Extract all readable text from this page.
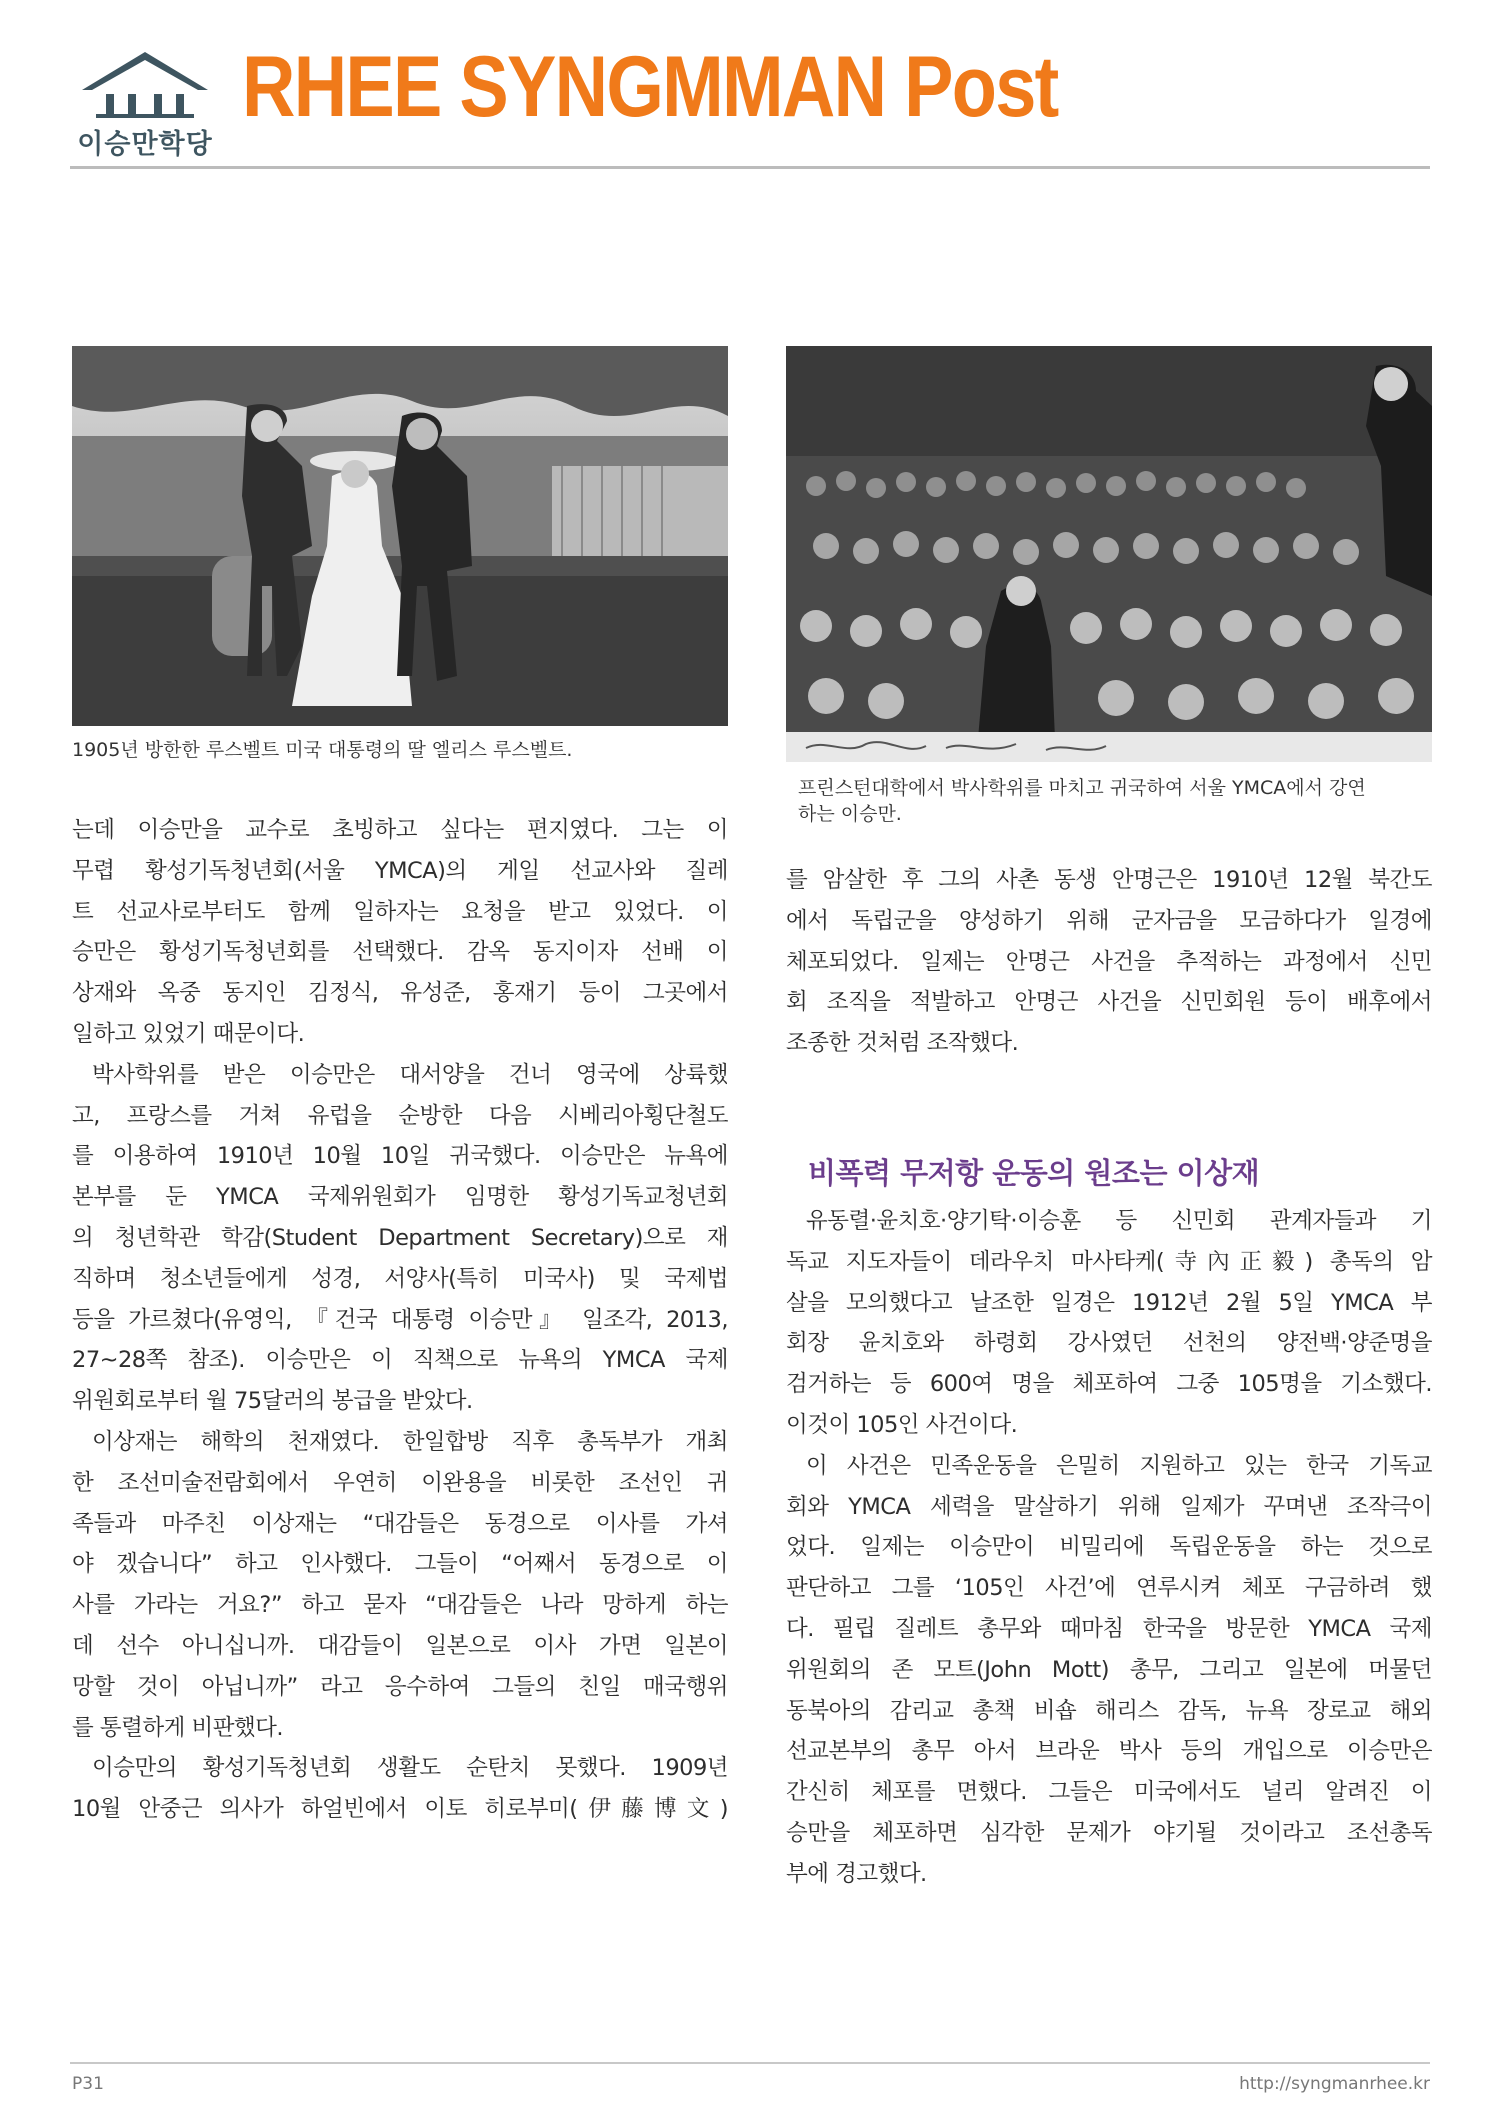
이승만학당
RHEE SYNGMMAN Post
1905년 방한한 루스벨트 미국 대통령의 딸 엘리스 루스벨트.
프린스턴대학에서 박사학위를 마치고 귀국하여 서울 YMCA에서 강연
하는 이승만.

는데 이승만을 교수로 초빙하고 싶다는 편지였다. 그는 이

무렵 황성기독청년회(서울 YMCA)의 게일 선교사와 질레

트 선교사로부터도 함께 일하자는 요청을 받고 있었다. 이

승만은 황성기독청년회를 선택했다. 감옥 동지이자 선배 이

상재와 옥중 동지인 김정식, 유성준, 홍재기 등이 그곳에서

일하고 있었기 때문이다.

박사학위를 받은 이승만은 대서양을 건너 영국에 상륙했

고, 프랑스를 거쳐 유럽을 순방한 다음 시베리아횡단철도

를 이용하여 1910년 10월 10일 귀국했다. 이승만은 뉴욕에

본부를 둔 YMCA 국제위원회가 임명한 황성기독교청년회

의 청년학관 학감(Student Department Secretary)으로 재

직하며 청소년들에게 성경, 서양사(특히 미국사) 및 국제법

등을 가르쳤다(유영익, 『건국 대통령 이승만』 일조각, 2013,

27~28쪽 참조). 이승만은 이 직책으로 뉴욕의 YMCA 국제

위원회로부터 월 75달러의 봉급을 받았다.

이상재는 해학의 천재였다. 한일합방 직후 총독부가 개최

한 조선미술전람회에서 우연히 이완용을 비롯한 조선인 귀

족들과 마주친 이상재는 “대감들은 동경으로 이사를 가셔

야 겠습니다” 하고 인사했다. 그들이 “어째서 동경으로 이

사를 가라는 거요?” 하고 묻자 “대감들은 나라 망하게 하는

데 선수 아니십니까. 대감들이 일본으로 이사 가면 일본이

망할 것이 아닙니까” 라고 응수하여 그들의 친일 매국행위

를 통렬하게 비판했다.

이승만의 황성기독청년회 생활도 순탄치 못했다. 1909년

10월 안중근 의사가 하얼빈에서 이토 히로부미(伊藤博文)

를 암살한 후 그의 사촌 동생 안명근은 1910년 12월 북간도

에서 독립군을 양성하기 위해 군자금을 모금하다가 일경에

체포되었다. 일제는 안명근 사건을 추적하는 과정에서 신민

회 조직을 적발하고 안명근 사건을 신민회원 등이 배후에서

조종한 것처럼 조작했다.

비폭력 무저항 운동의 원조는 이상재

유동렬·윤치호·양기탁·이승훈 등 신민회 관계자들과 기

독교 지도자들이 데라우치 마사타케(寺內正毅) 총독의 암

살을 모의했다고 날조한 일경은 1912년 2월 5일 YMCA 부

회장 윤치호와 하령회 강사였던 선천의 양전백·양준명을

검거하는 등 600여 명을 체포하여 그중 105명을 기소했다.

이것이 105인 사건이다.

이 사건은 민족운동을 은밀히 지원하고 있는 한국 기독교

회와 YMCA 세력을 말살하기 위해 일제가 꾸며낸 조작극이

었다. 일제는 이승만이 비밀리에 독립운동을 하는 것으로

판단하고 그를 ‘105인 사건’에 연루시켜 체포 구금하려 했

다. 필립 질레트 총무와 때마침 한국을 방문한 YMCA 국제

위원회의 존 모트(John Mott) 총무, 그리고 일본에 머물던

동북아의 감리교 총책 비숍 해리스 감독, 뉴욕 장로교 해외

선교본부의 총무 아서 브라운 박사 등의 개입으로 이승만은

간신히 체포를 면했다. 그들은 미국에서도 널리 알려진 이

승만을 체포하면 심각한 문제가 야기될 것이라고 조선총독

부에 경고했다.

P31	http://syngmanrhee.kr
